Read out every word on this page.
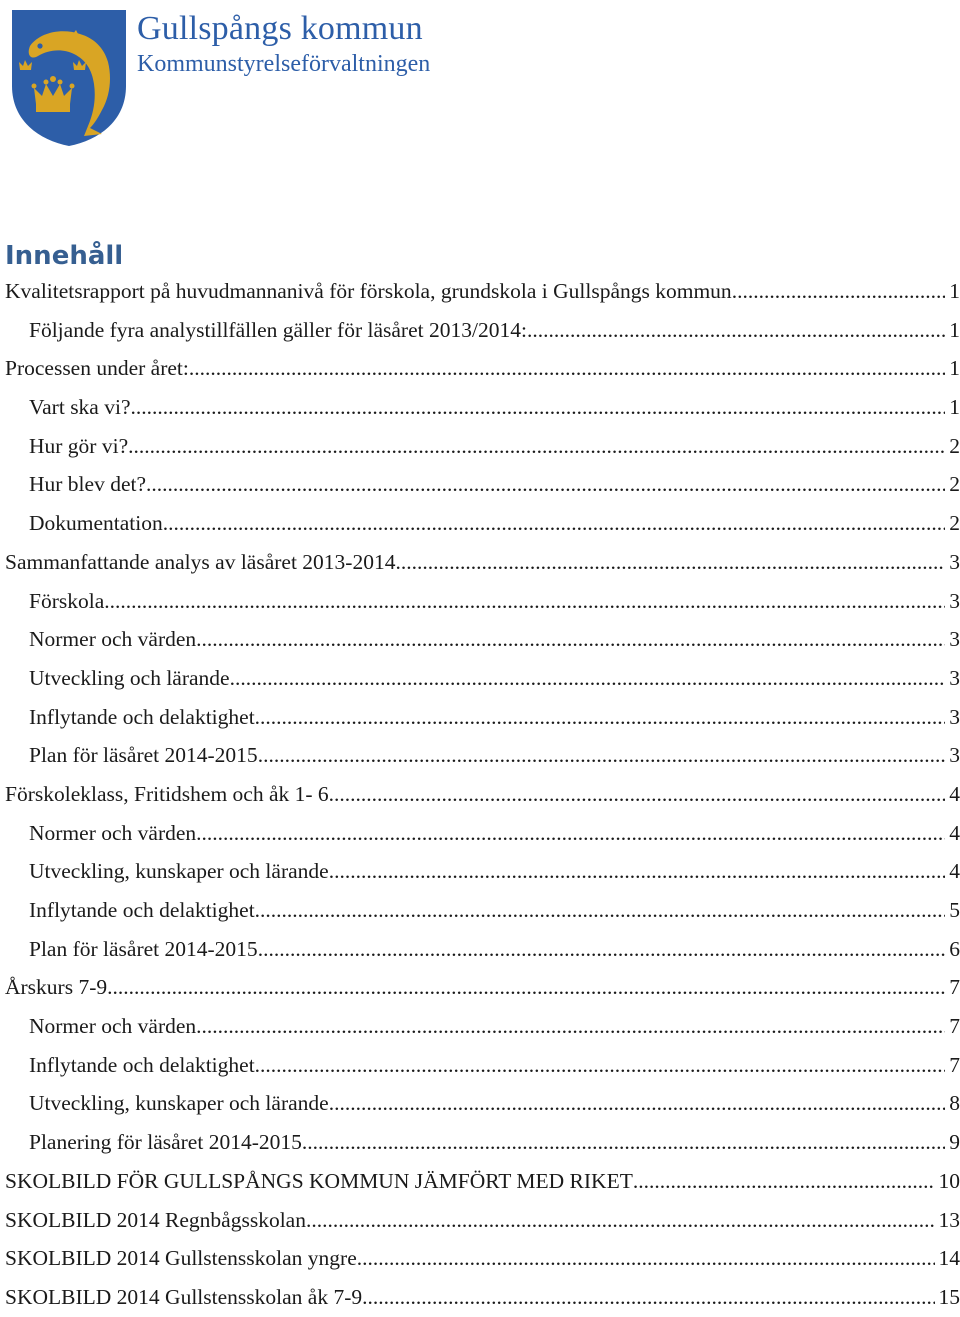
Gullspångs kommun
Kommunstyrelseförvaltningen
Innehåll
Kvalitetsrapport på huvudmannanivå för förskola, grundskola i Gullspångs kommun .....	1
Följande fyra analystillfällen gäller för läsåret 2013/2014: .....	1
Processen under året: .....	1
Vart ska vi? .....	1
Hur gör vi? .....	2
Hur blev det? .....	2
Dokumentation .....	2
Sammanfattande analys av läsåret 2013-2014 .....	3
Förskola .....	3
Normer och värden .....	3
Utveckling och lärande .....	3
Inflytande och delaktighet .....	3
Plan för läsåret 2014-2015 .....	3
Förskoleklass, Fritidshem och åk 1- 6 .....	4
Normer och värden .....	4
Utveckling, kunskaper och lärande .....	4
Inflytande och delaktighet .....	5
Plan för läsåret 2014-2015 .....	6
Årskurs 7-9 .....	7
Normer och värden .....	7
Inflytande och delaktighet .....	7
Utveckling, kunskaper och lärande .....	8
Planering för läsåret 2014-2015 .....	9
SKOLBILD FÖR GULLSPÅNGS KOMMUN JÄMFÖRT MED RIKET .....	10
SKOLBILD 2014 Regnbågsskolan .....	13
SKOLBILD 2014 Gullstensskolan yngre .....	14
SKOLBILD 2014 Gullstensskolan åk 7-9 .....	15
